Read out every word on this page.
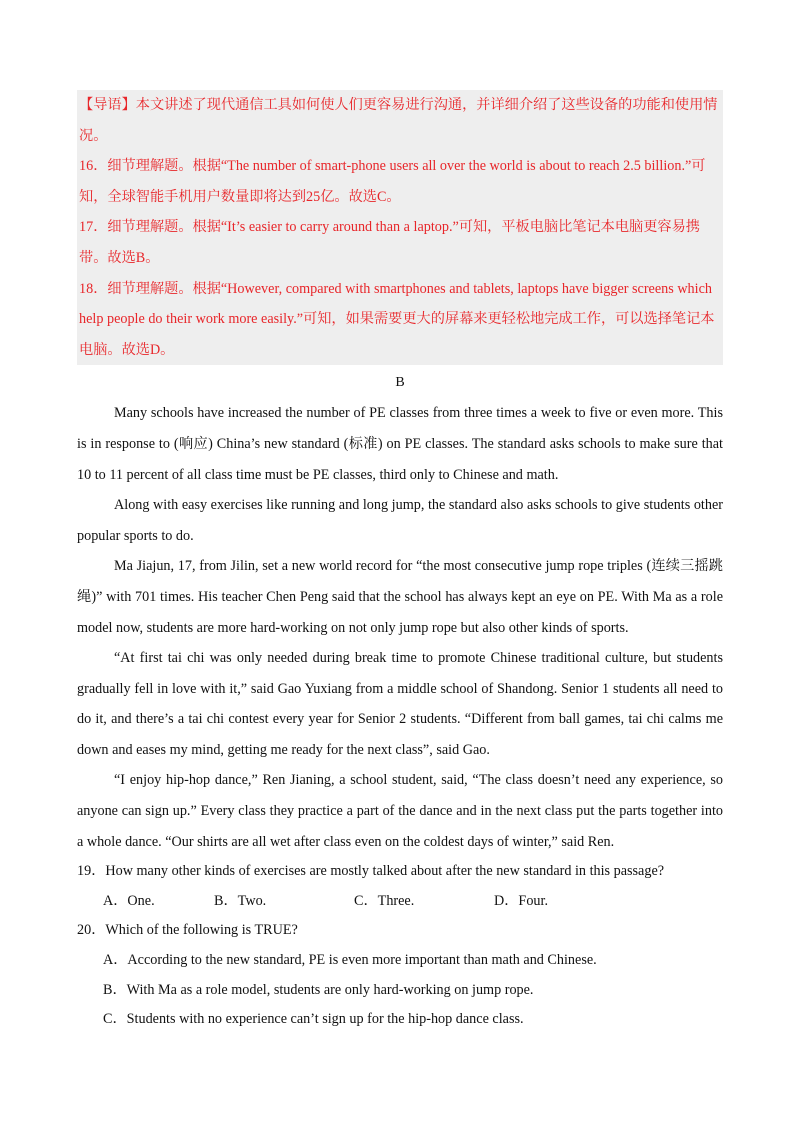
【导语】本文讲述了现代通信工具如何使人们更容易进行沟通，并详细介绍了这些设备的功能和使用情况。

16．细节理解题。根据“The number of smart-phone users all over the world is about to reach 2.5 billion.”可知，全球智能手机用户数量即将达到25亿。故选C。

17．细节理解题。根据“It’s easier to carry around than a laptop.”可知，平板电脑比笔记本电脑更容易携带。故选B。

18．细节理解题。根据“However, compared with smartphones and tablets, laptops have bigger screens which help people do their work more easily.”可知，如果需要更大的屏幕来更轻松地完成工作，可以选择笔记本电脑。故选D。

B

Many schools have increased the number of PE classes from three times a week to five or even more. This is in response to (响应) China’s new standard (标准) on PE classes. The standard asks schools to make sure that 10 to 11 percent of all class time must be PE classes, third only to Chinese and math.

Along with easy exercises like running and long jump, the standard also asks schools to give students other popular sports to do.

Ma Jiajun, 17, from Jilin, set a new world record for “the most consecutive jump rope triples (连续三摇跳绳)” with 701 times. His teacher Chen Peng said that the school has always kept an eye on PE. With Ma as a role model now, students are more hard-working on not only jump rope but also other kinds of sports.

“At first tai chi was only needed during break time to promote Chinese traditional culture, but students gradually fell in love with it,” said Gao Yuxiang from a middle school of Shandong. Senior 1 students all need to do it, and there’s a tai chi contest every year for Senior 2 students. “Different from ball games, tai chi calms me down and eases my mind, getting me ready for the next class”, said Gao.

“I enjoy hip-hop dance,” Ren Jianing, a school student, said, “The class doesn’t need any experience, so anyone can sign up.” Every class they practice a part of the dance and in the next class put the parts together into a whole dance. “Our shirts are all wet after class even on the coldest days of winter,” said Ren.

19．How many other kinds of exercises are mostly talked about after the new standard in this passage?

A．One.	B．Two.	C．Three.	D．Four.

20．Which of the following is TRUE?

A．According to the new standard, PE is even more important than math and Chinese.

B．With Ma as a role model, students are only hard-working on jump rope.

C．Students with no experience can’t sign up for the hip-hop dance class.
